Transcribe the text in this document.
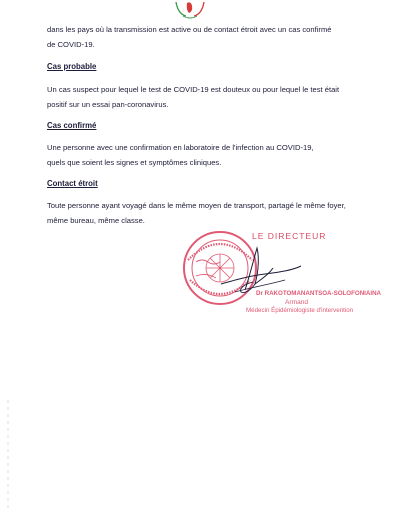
dans les pays où la transmission est active ou de contact étroit avec un cas confirmé

de COVID-19.

Cas probable

Un cas suspect pour lequel le test de COVID-19 est douteux ou pour lequel le test était

positif sur un essai pan-coronavirus.

Cas confirmé

Une personne avec une confirmation en laboratoire de l'infection au COVID-19,

quels que soient les signes et symptômes cliniques.

Contact étroit

Toute personne ayant voyagé dans le même moyen de transport, partagé le même foyer,

même bureau, même classe.

LE DIRECTEUR
Dr RAKOTOMANANTSOA-SOLOFONIAINA
Armand
Médecin Épidémiologiste d'intervention
